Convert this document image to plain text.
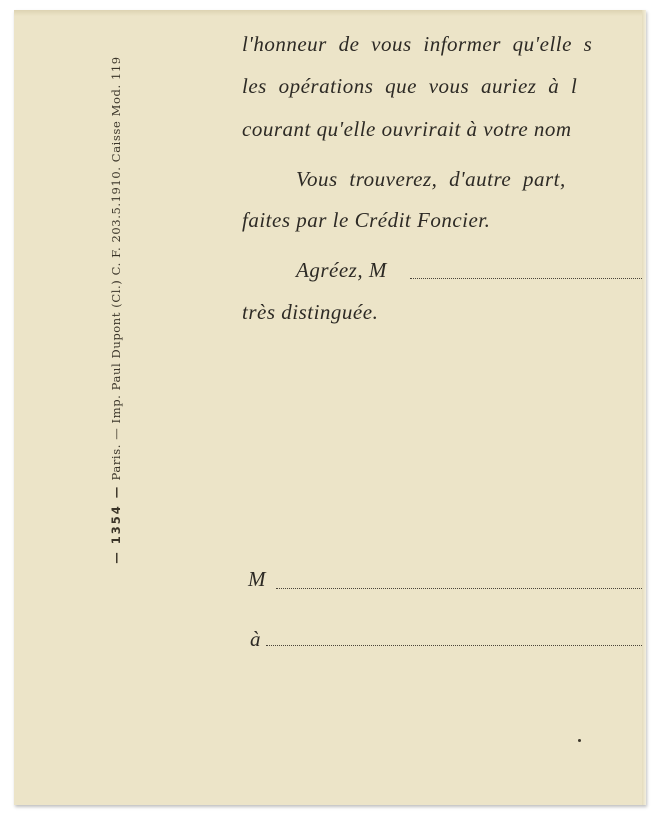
— 1354 — Paris. — Imp. Paul Dupont (Cl.) C. F. 203.5.1910. Caisse Mod. 119
l'honneur de vous informer qu'elle s
les opérations que vous auriez à l
courant qu'elle ouvrirait à votre nom
Vous trouverez, d'autre part,
faites par le Crédit Foncier.
Agréez, M
très distinguée.
M
à
